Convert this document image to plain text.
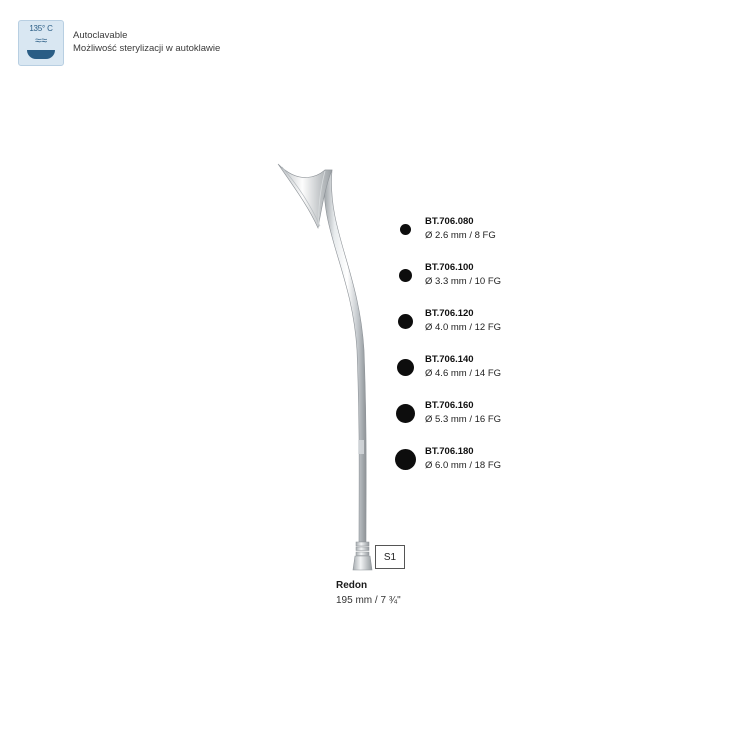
135° C
≈≈	Autoclavable
Możliwość sterylizacji w autoklawie
S1
Redon
195 mm / 7 ¾"
BT.706.080
Ø 2.6 mm / 8 FG
BT.706.100
Ø 3.3 mm / 10 FG
BT.706.120
Ø 4.0 mm / 12 FG
BT.706.140
Ø 4.6 mm / 14 FG
BT.706.160
Ø 5.3 mm / 16 FG
BT.706.180
Ø 6.0 mm / 18 FG
